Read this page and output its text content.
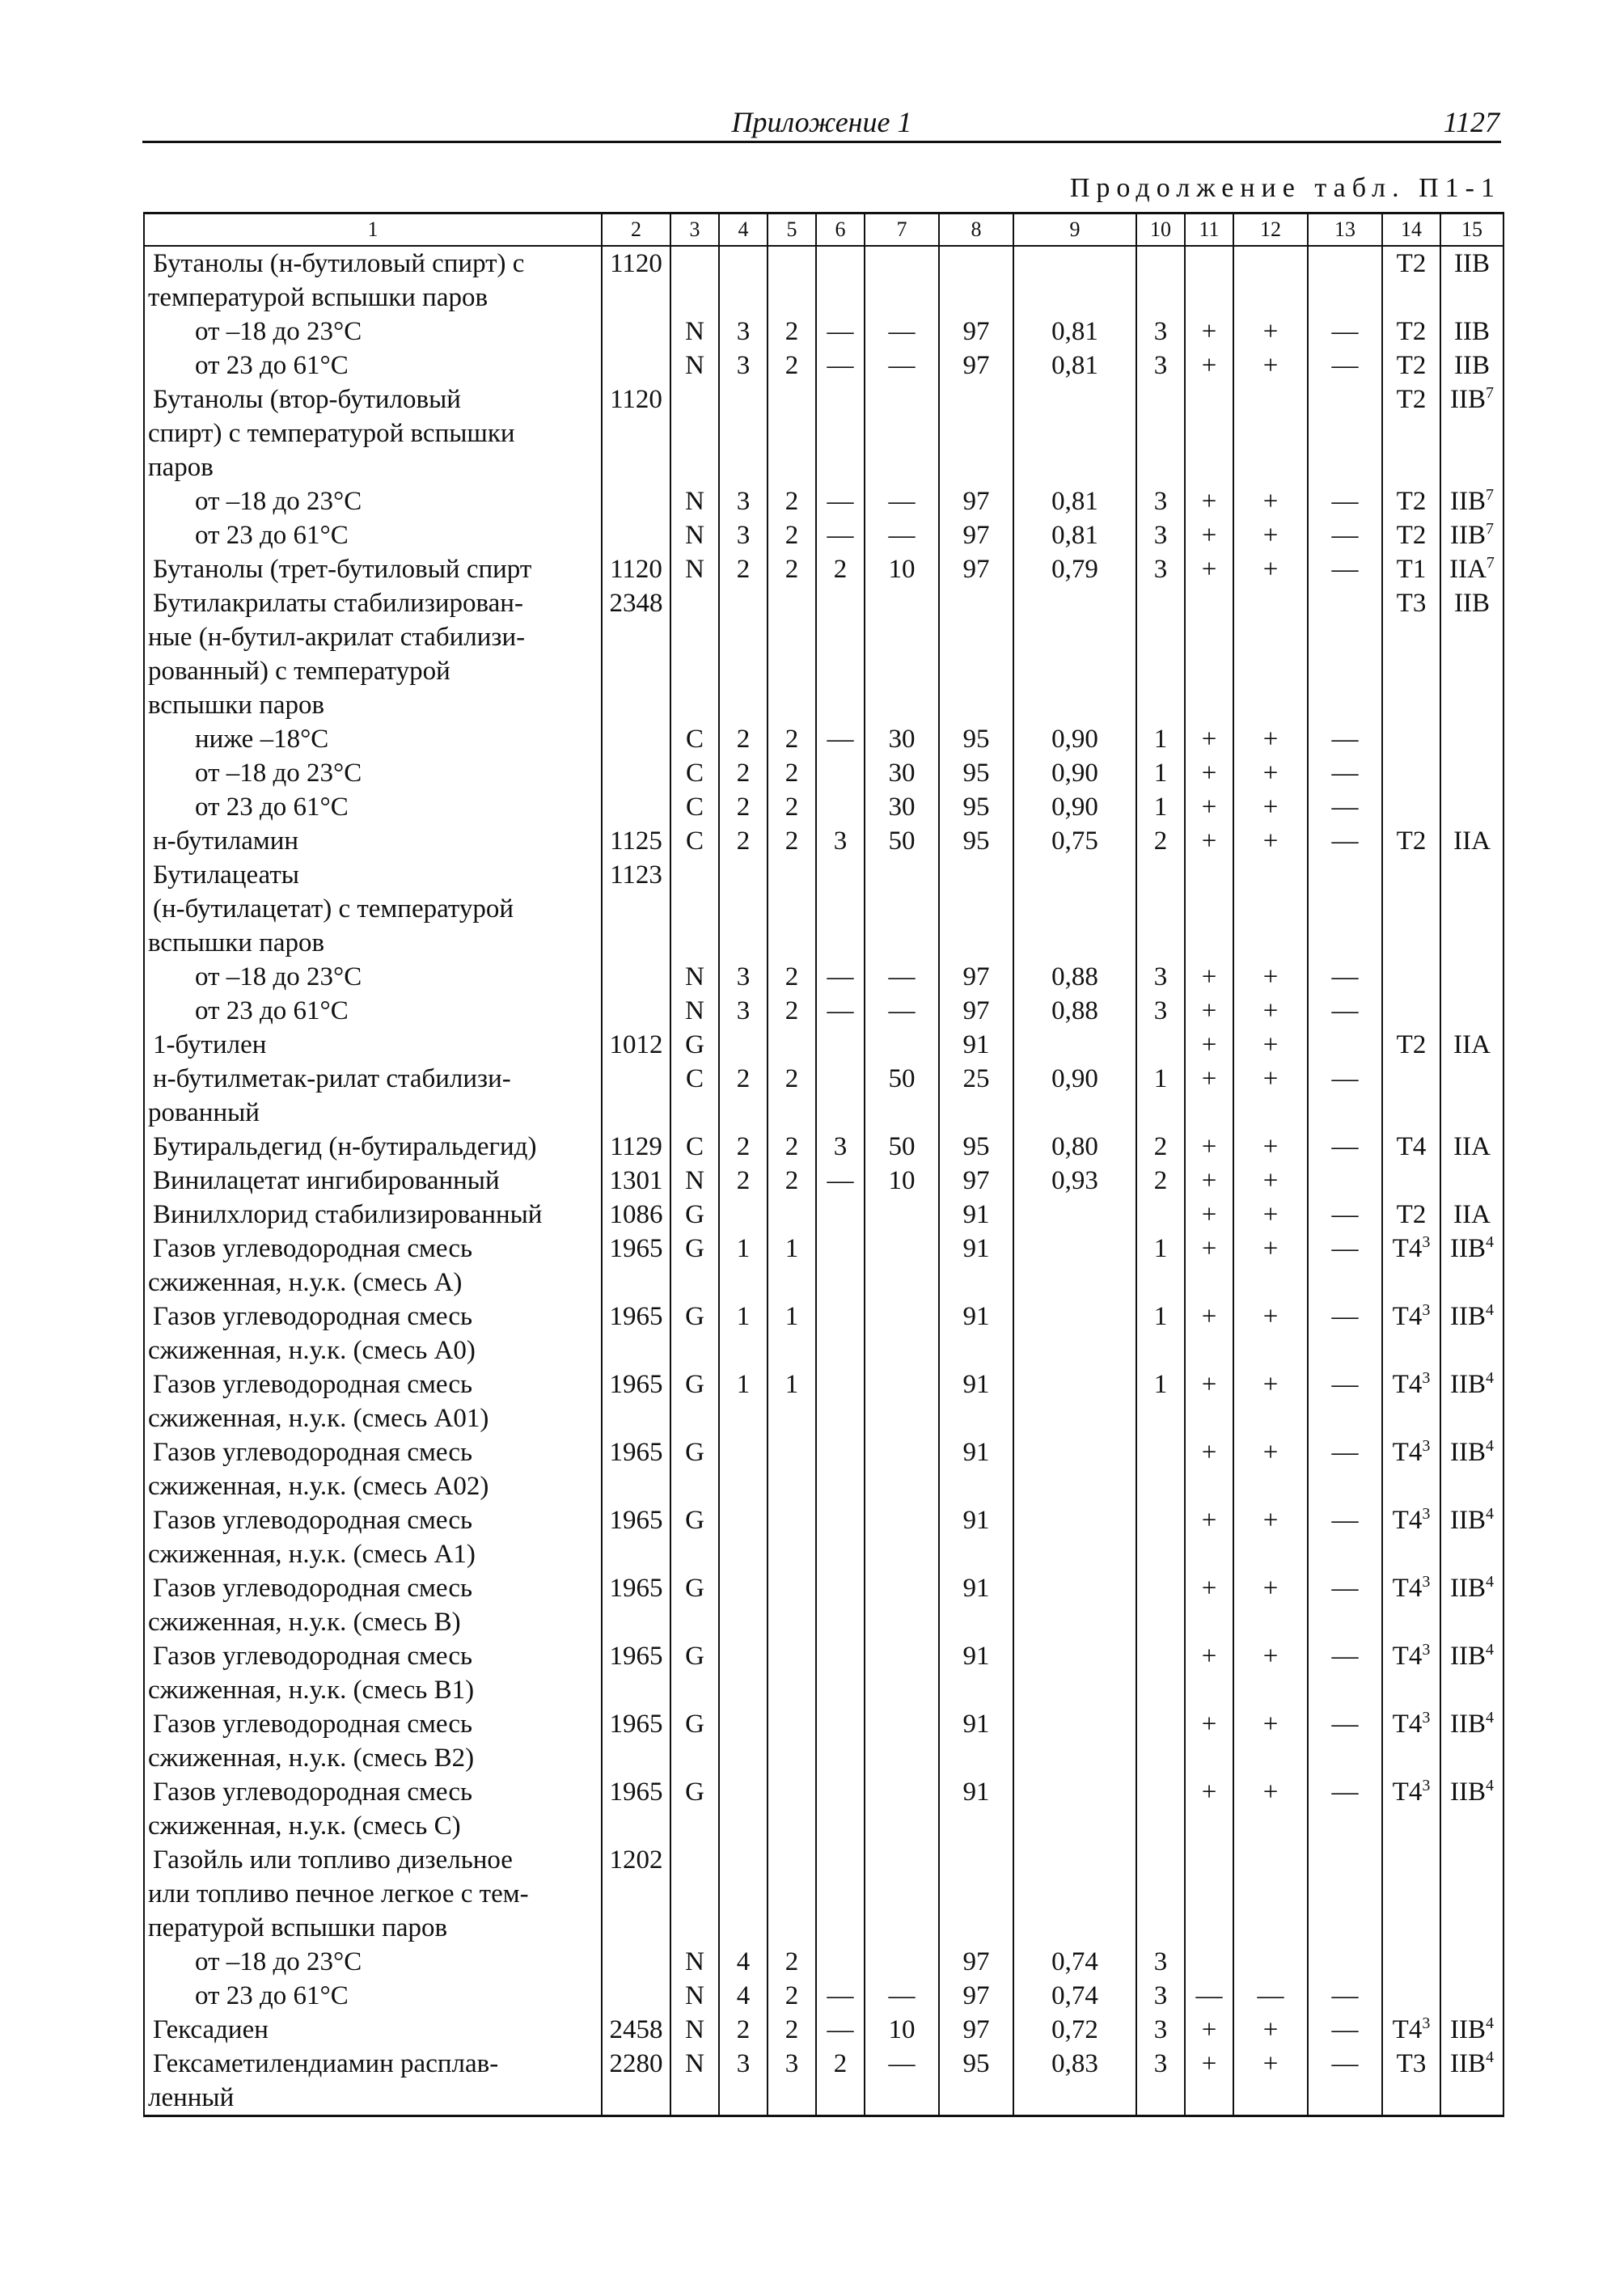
Приложение 1	1127
Продолжение табл. П1-1
1	2	3	4	5	6	7	8	9	10	11	12	13	14	15
Бутанолы (н-бутиловый спирт) с	1120												T2	IIB
температурой вспышки паров														
от –18 до 23°C		N	3	2	—	—	97	0,81	3	+	+	—	T2	IIB
от 23 до 61°C		N	3	2	—	—	97	0,81	3	+	+	—	T2	IIB
Бутанолы (втор-бутиловый	1120												T2	IIB$^7$
спирт) с температурой вспышки														
паров														
от –18 до 23°C		N	3	2	—	—	97	0,81	3	+	+	—	T2	IIB$^7$
от 23 до 61°C		N	3	2	—	—	97	0,81	3	+	+	—	T2	IIB$^7$
Бутанолы (трет-бутиловый спирт	1120	N	2	2	2	10	97	0,79	3	+	+	—	T1	IIA$^7$
Бутилакрилаты стабилизирован-	2348												T3	IIB
ные (н-бутил-акрилат стабилизи-														
рованный) с температурой														
вспышки паров														
ниже –18°C		C	2	2	—	30	95	0,90	1	+	+	—		
от –18 до 23°C		C	2	2		30	95	0,90	1	+	+	—		
от 23 до 61°C		C	2	2		30	95	0,90	1	+	+	—		
н-бутиламин	1125	C	2	2	3	50	95	0,75	2	+	+	—	T2	IIA
Бутилацеаты	1123													
(н-бутилацетат) с температурой														
вспышки паров														
от –18 до 23°C		N	3	2	—	—	97	0,88	3	+	+	—		
от 23 до 61°C		N	3	2	—	—	97	0,88	3	+	+	—		
1-бутилен	1012	G					91			+	+		T2	IIA
н-бутилметак-рилат стабилизи-		C	2	2		50	25	0,90	1	+	+	—		
рованный														
Бутиральдегид (н-бутиральдегид)	1129	C	2	2	3	50	95	0,80	2	+	+	—	T4	IIA
Винилацетат ингибированный	1301	N	2	2	—	10	97	0,93	2	+	+			
Винилхлорид стабилизированный	1086	G					91			+	+	—	T2	IIA
Газов углеводородная смесь	1965	G	1	1			91		1	+	+	—	$T4^3$	IIB$^4$
сжиженная, н.у.к. (смесь А)														
Газов углеводородная смесь	1965	G	1	1			91		1	+	+	—	$T4^3$	IIB$^4$
сжиженная, н.у.к. (смесь А0)														
Газов углеводородная смесь	1965	G	1	1			91		1	+	+	—	$T4^3$	IIB$^4$
сжиженная, н.у.к. (смесь А01)														
Газов углеводородная смесь	1965	G					91			+	+	—	$T4^3$	IIB$^4$
сжиженная, н.у.к. (смесь А02)														
Газов углеводородная смесь	1965	G					91			+	+	—	$T4^3$	IIB$^4$
сжиженная, н.у.к. (смесь А1)														
Газов углеводородная смесь	1965	G					91			+	+	—	$T4^3$	IIB$^4$
сжиженная, н.у.к. (смесь В)														
Газов углеводородная смесь	1965	G					91			+	+	—	$T4^3$	IIB$^4$
сжиженная, н.у.к. (смесь В1)														
Газов углеводородная смесь	1965	G					91			+	+	—	$T4^3$	IIB$^4$
сжиженная, н.у.к. (смесь В2)														
Газов углеводородная смесь	1965	G					91			+	+	—	$T4^3$	IIB$^4$
сжиженная, н.у.к. (смесь С)														
Газойль или топливо дизельное	1202													
или топливо печное легкое с тем-														
пературой вспышки паров														
от –18 до 23°C		N	4	2			97	0,74	3					
от 23 до 61°C		N	4	2	—	—	97	0,74	3	—	—	—		
Гексадиен	2458	N	2	2	—	10	97	0,72	3	+	+	—	$T4^3$	IIB$^4$
Гексаметилендиамин расплав-	2280	N	3	3	2	—	95	0,83	3	+	+	—	T3	IIB$^4$
ленный														
